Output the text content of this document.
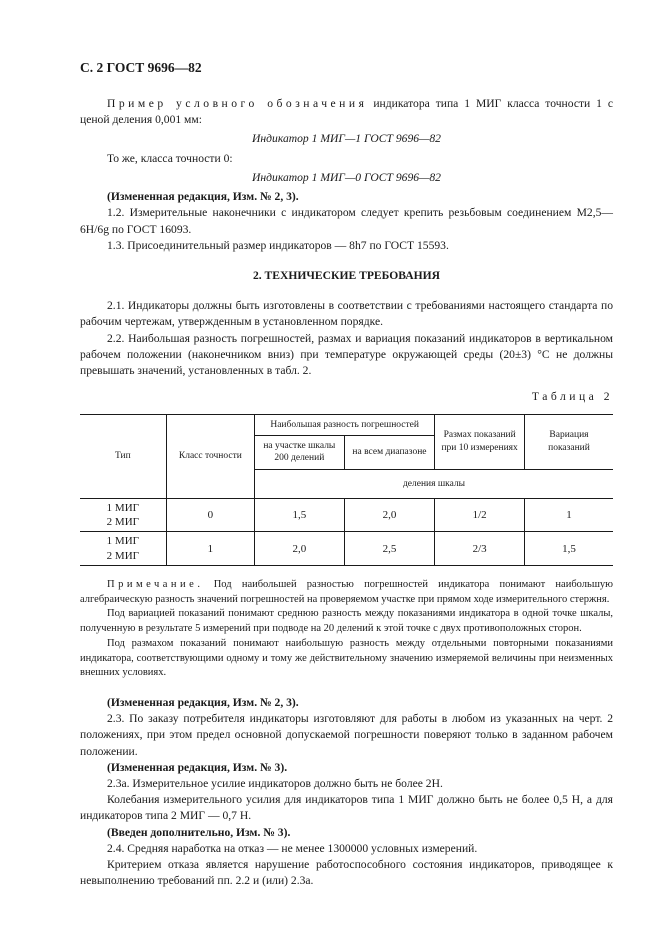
С. 2 ГОСТ 9696—82

Пример условного обозначения индикатора типа 1 МИГ класса точности 1 с ценой деления 0,001 мм:

Индикатор 1 МИГ—1 ГОСТ 9696—82

То же, класса точности 0:

Индикатор 1 МИГ—0 ГОСТ 9696—82

(Измененная редакция, Изм. № 2, 3).

1.2. Измерительные наконечники с индикатором следует крепить резьбовым соединением М2,5—6Н/6g по ГОСТ 16093.

1.3. Присоединительный размер индикаторов — 8h7 по ГОСТ 15593.

2. ТЕХНИЧЕСКИЕ ТРЕБОВАНИЯ

2.1. Индикаторы должны быть изготовлены в соответствии с требованиями настоящего стандарта по рабочим чертежам, утвержденным в установленном порядке.

2.2. Наибольшая разность погрешностей, размах и вариация показаний индикаторов в вертикальном рабочем положении (наконечником вниз) при температуре окружающей среды (20±3) °С не должны превышать значений, установленных в табл. 2.

Таблица 2
Тип	Класс точности	Наибольшая разность погрешностей		Размах показаний при 10 измерениях	Вариация показаний
		на участке шкалы 200 делений	на всем диапазоне		
		деления шкалы			
1 МИГ
2 МИГ	0	1,5	2,0	1/2	1
1 МИГ
2 МИГ	1	2,0	2,5	2/3	1,5

Примечание. Под наибольшей разностью погрешностей индикатора понимают наибольшую алгебраическую разность значений погрешностей на проверяемом участке при прямом ходе измерительного стержня.

Под вариацией показаний понимают среднюю разность между показаниями индикатора в одной точке шкалы, полученную в результате 5 измерений при подводе на 20 делений к этой точке с двух противоположных сторон.

Под размахом показаний понимают наибольшую разность между отдельными повторными показаниями индикатора, соответствующими одному и тому же действительному значению измеряемой величины при неизменных внешних условиях.

(Измененная редакция, Изм. № 2, 3).

2.3. По заказу потребителя индикаторы изготовляют для работы в любом из указанных на черт. 2 положениях, при этом предел основной допускаемой погрешности поверяют только в заданном рабочем положении.

(Измененная редакция, Изм. № 3).

2.3а. Измерительное усилие индикаторов должно быть не более 2Н.

Колебания измерительного усилия для индикаторов типа 1 МИГ должно быть не более 0,5 Н, а для индикаторов типа 2 МИГ — 0,7 Н.

(Введен дополнительно, Изм. № 3).

2.4. Средняя наработка на отказ — не менее 1300000 условных измерений.

Критерием отказа является нарушение работоспособного состояния индикаторов, приводящее к невыполнению требований пп. 2.2 и (или) 2.3а.
